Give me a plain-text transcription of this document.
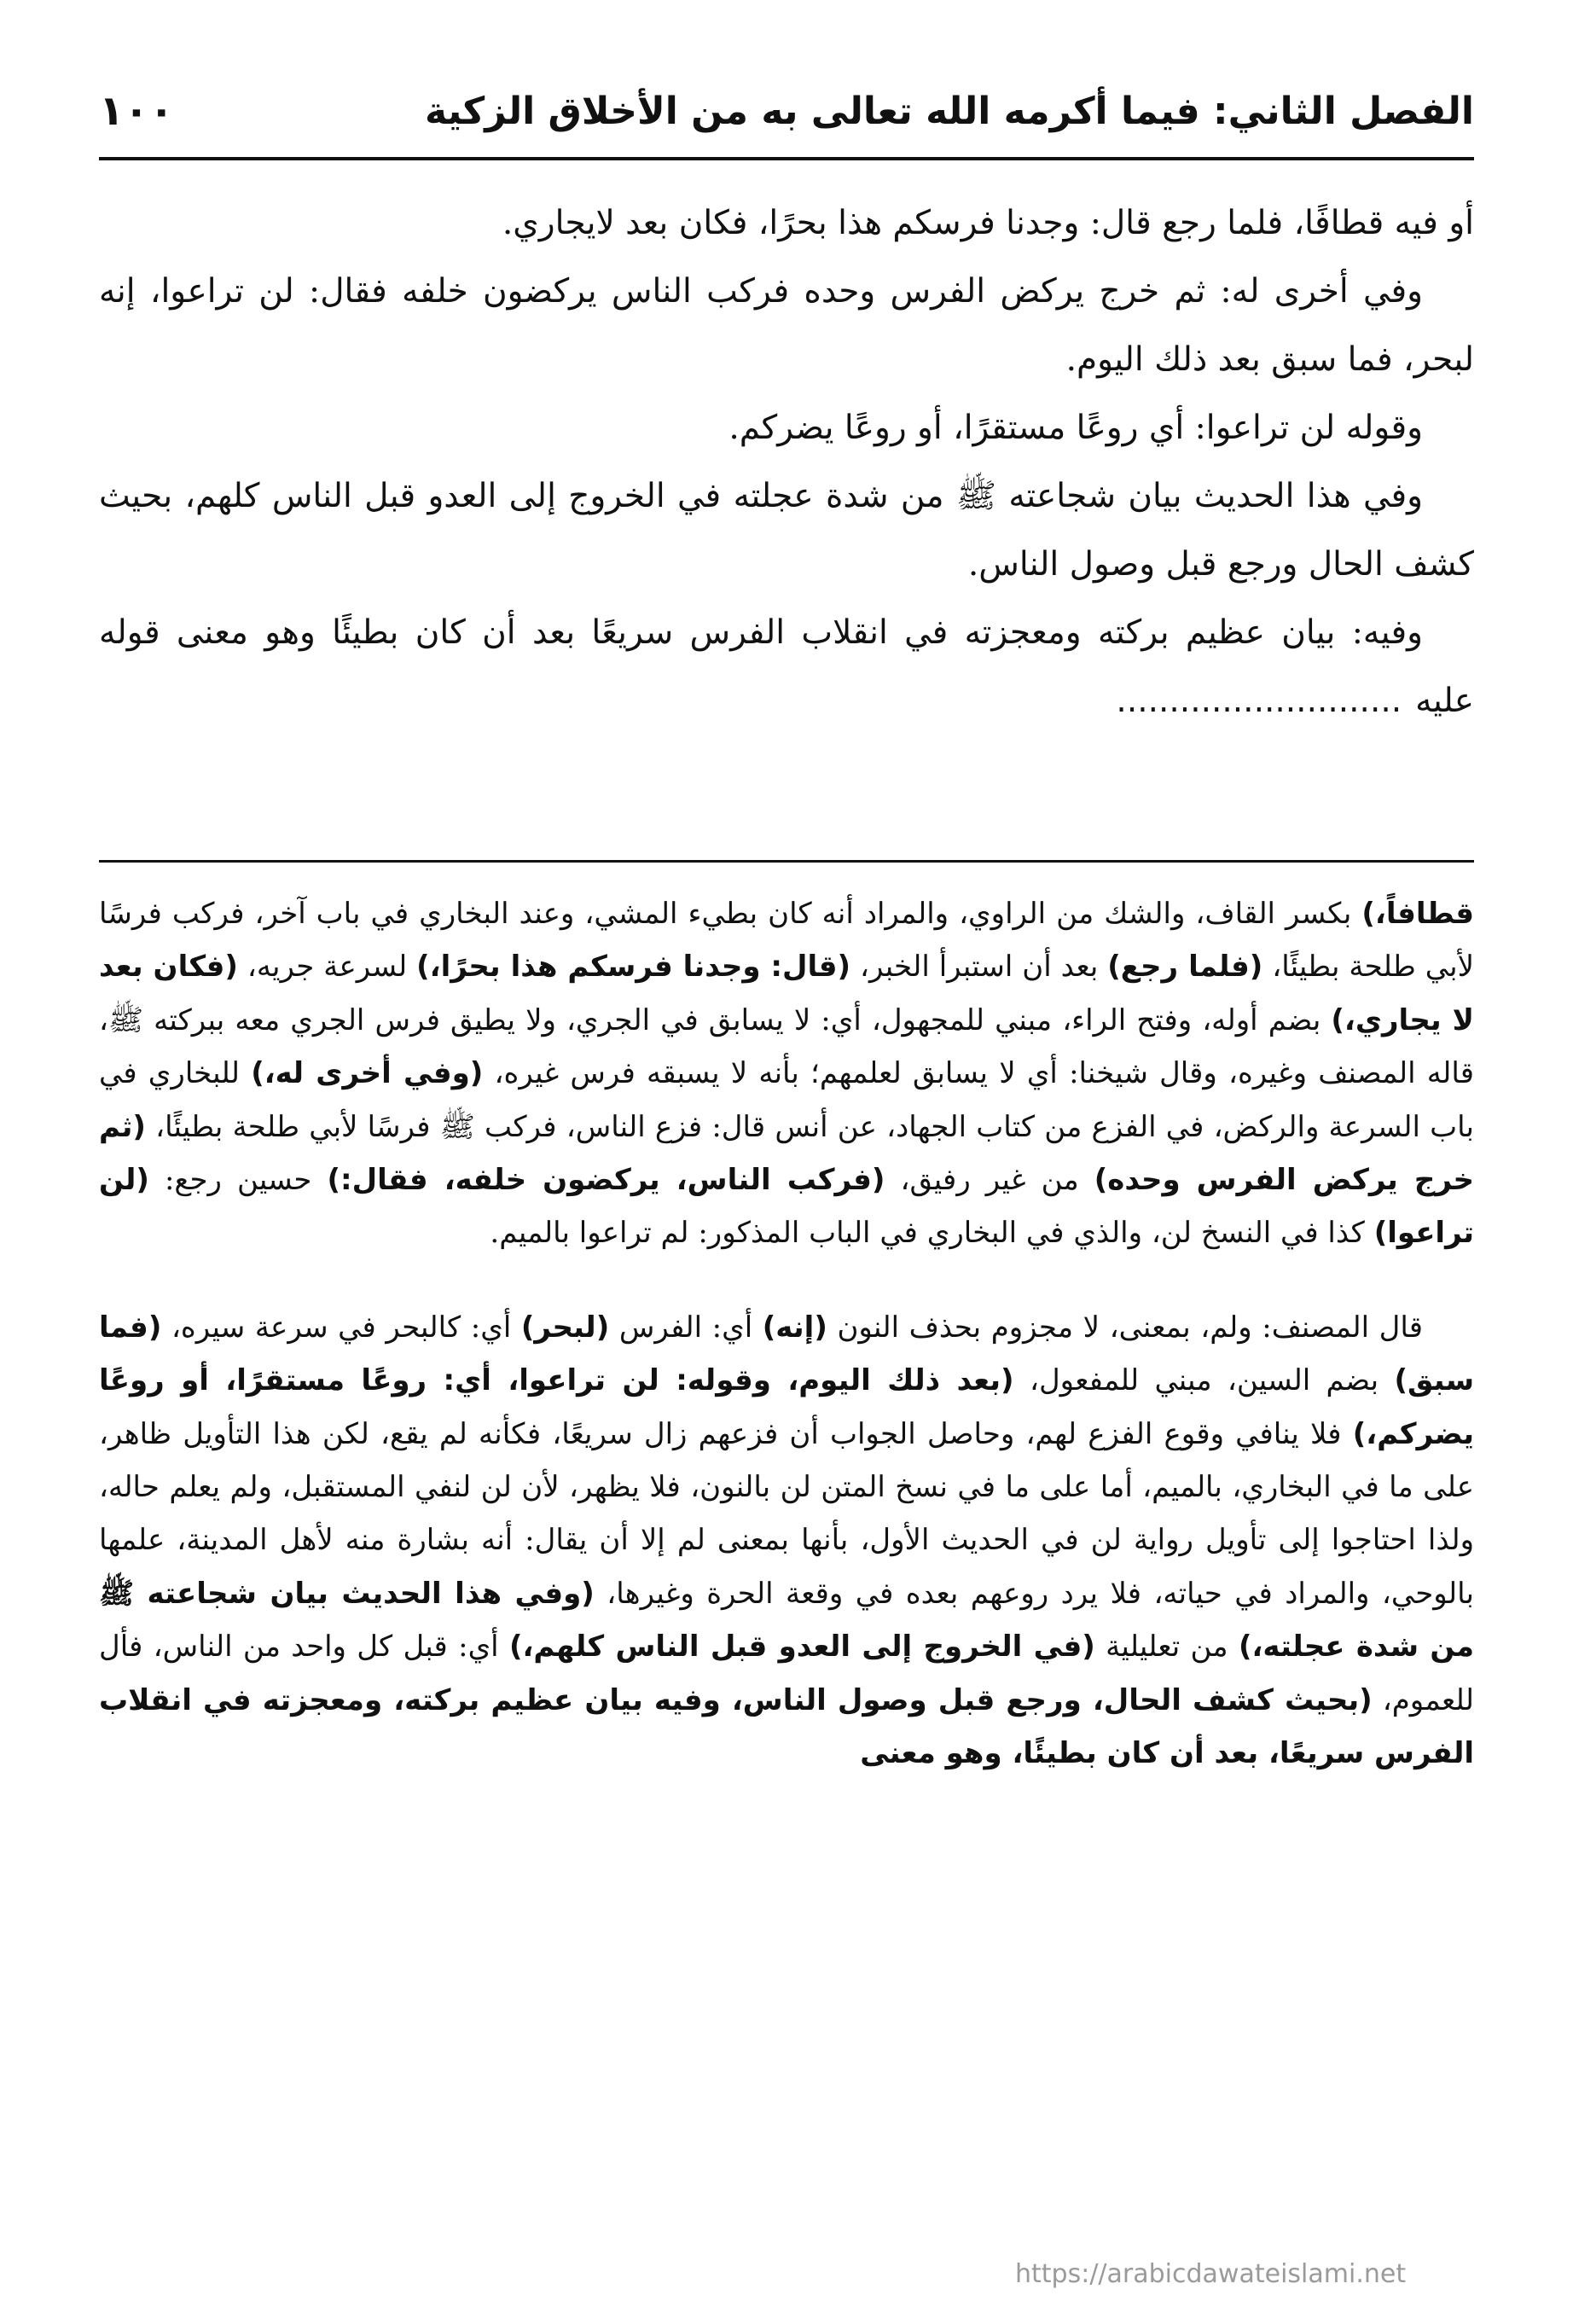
الفصل الثاني: فيما أكرمه الله تعالى به من الأخلاق الزكية
١٠٠

أو فيه قطافًا، فلما رجع قال: وجدنا فرسكم هذا بحرًا، فكان بعد لايجاري.

وفي أخرى له: ثم خرج يركض الفرس وحده فركب الناس يركضون خلفه فقال: لن تراعوا، إنه لبحر، فما سبق بعد ذلك اليوم.

وقوله لن تراعوا: أي روعًا مستقرًا، أو روعًا يضركم.

وفي هذا الحديث بيان شجاعته ﷺ من شدة عجلته في الخروج إلى العدو قبل الناس كلهم، بحيث كشف الحال ورجع قبل وصول الناس.

وفيه: بيان عظيم بركته ومعجزته في انقلاب الفرس سريعًا بعد أن كان بطيئًا وهو معنى قوله عليه...........................

قطافاً،) بكسر القاف، والشك من الراوي، والمراد أنه كان بطيء المشي، وعند البخاري في باب آخر، فركب فرسًا لأبي طلحة بطيئًا، (فلما رجع) بعد أن استبرأ الخبر، (قال: وجدنا فرسكم هذا بحرًا،) لسرعة جريه، (فكان بعد لا يجاري،) بضم أوله، وفتح الراء، مبني للمجهول، أي: لا يسابق في الجري، ولا يطيق فرس الجري معه ببركته ﷺ، قاله المصنف وغيره، وقال شيخنا: أي لا يسابق لعلمهم؛ بأنه لا يسبقه فرس غيره، (وفي أخرى له،) للبخاري في باب السرعة والركض، في الفزع من كتاب الجهاد، عن أنس قال: فزع الناس، فركب ﷺ فرسًا لأبي طلحة بطيئًا، (ثم خرج يركض الفرس وحده) من غير رفيق، (فركب الناس، يركضون خلفه، فقال:) حسين رجع: (لن تراعوا) كذا في النسخ لن، والذي في البخاري في الباب المذكور: لم تراعوا بالميم.

قال المصنف: ولم، بمعنى، لا مجزوم بحذف النون (إنه) أي: الفرس (لبحر) أي: كالبحر في سرعة سيره، (فما سبق) بضم السين، مبني للمفعول، (بعد ذلك اليوم، وقوله: لن تراعوا، أي: روعًا مستقرًا، أو روعًا يضركم،) فلا ينافي وقوع الفزع لهم، وحاصل الجواب أن فزعهم زال سريعًا، فكأنه لم يقع، لكن هذا التأويل ظاهر، على ما في البخاري، بالميم، أما على ما في نسخ المتن لن بالنون، فلا يظهر، لأن لن لنفي المستقبل، ولم يعلم حاله، ولذا احتاجوا إلى تأويل رواية لن في الحديث الأول، بأنها بمعنى لم إلا أن يقال: أنه بشارة منه لأهل المدينة، علمها بالوحي، والمراد في حياته، فلا يرد روعهم بعده في وقعة الحرة وغيرها، (وفي هذا الحديث بيان شجاعته ﷺ من شدة عجلته،) من تعليلية (في الخروج إلى العدو قبل الناس كلهم،) أي: قبل كل واحد من الناس، فأل للعموم، (بحيث كشف الحال، ورجع قبل وصول الناس، وفيه بيان عظيم بركته، ومعجزته في انقلاب الفرس سريعًا، بعد أن كان بطيئًا، وهو معنى

https://arabicdawateislami.net
